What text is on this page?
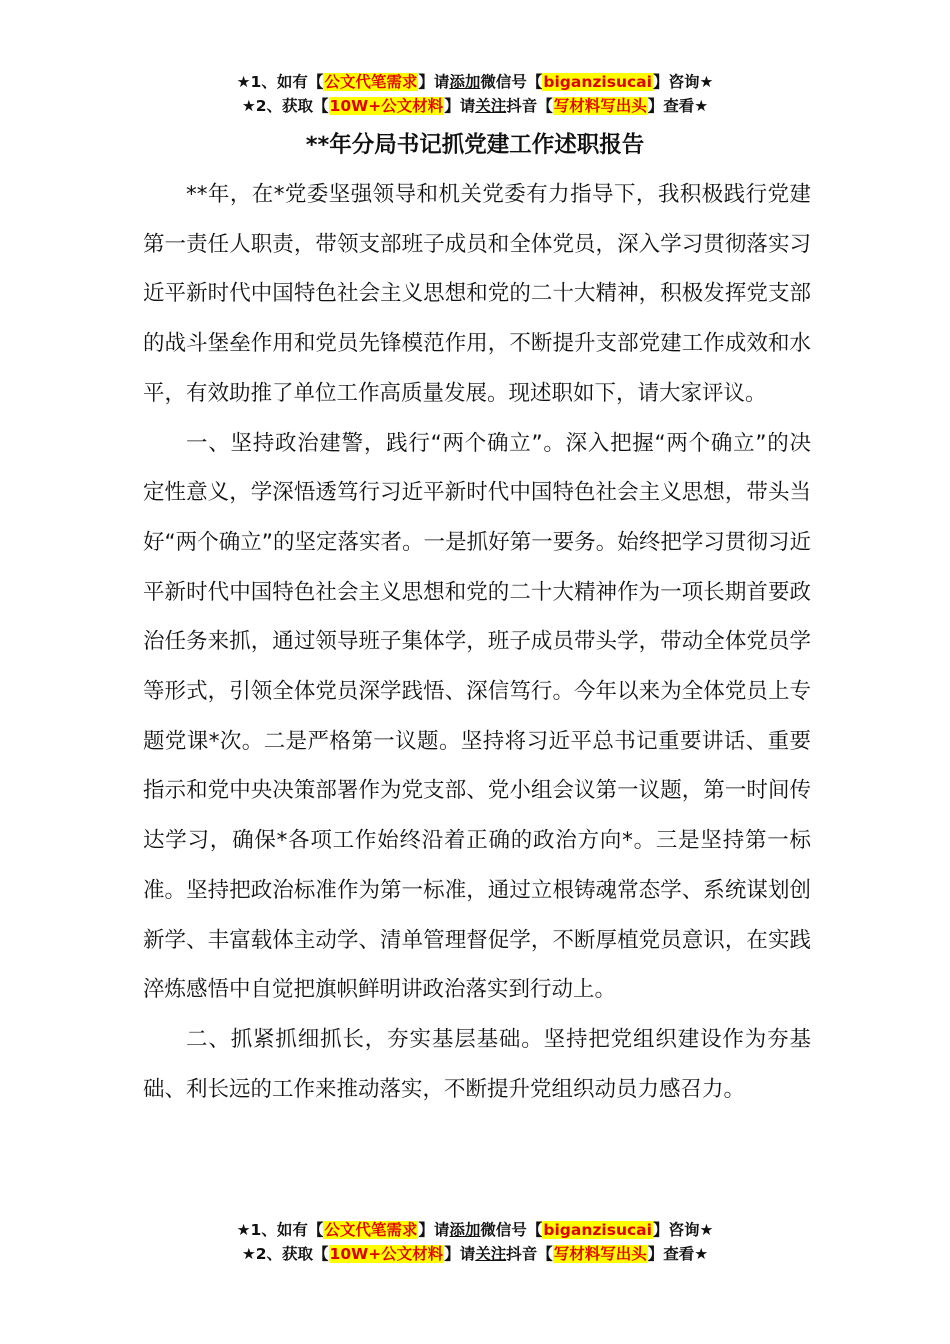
★1、如有【公文代笔需求】请添加微信号【biganzisucai】咨询★
★2、获取【10W+公文材料】请关注抖音【写材料写出头】查看★
**年分局书记抓党建工作述职报告

**年，在*党委坚强领导和机关党委有力指导下，我积极践行党建第一责任人职责，带领支部班子成员和全体党员，深入学习贯彻落实习近平新时代中国特色社会主义思想和党的二十大精神，积极发挥党支部的战斗堡垒作用和党员先锋模范作用，不断提升支部党建工作成效和水平，有效助推了单位工作高质量发展。现述职如下，请大家评议。

一、坚持政治建警，践行“两个确立”。深入把握“两个确立”的决定性意义，学深悟透笃行习近平新时代中国特色社会主义思想，带头当好“两个确立”的坚定落实者。一是抓好第一要务。始终把学习贯彻习近平新时代中国特色社会主义思想和党的二十大精神作为一项长期首要政治任务来抓，通过领导班子集体学，班子成员带头学，带动全体党员学等形式，引领全体党员深学践悟、深信笃行。今年以来为全体党员上专题党课*次。二是严格第一议题。坚持将习近平总书记重要讲话、重要指示和党中央决策部署作为党支部、党小组会议第一议题，第一时间传达学习，确保*各项工作始终沿着正确的政治方向*。三是坚持第一标准。坚持把政治标准作为第一标准，通过立根铸魂常态学、系统谋划创新学、丰富载体主动学、清单管理督促学，不断厚植党员意识，在实践淬炼感悟中自觉把旗帜鲜明讲政治落实到行动上。

二、抓紧抓细抓长，夯实基层基础。坚持把党组织建设作为夯基础、利长远的工作来推动落实，不断提升党组织动员力感召力。

★1、如有【公文代笔需求】请添加微信号【biganzisucai】咨询★
★2、获取【10W+公文材料】请关注抖音【写材料写出头】查看★
